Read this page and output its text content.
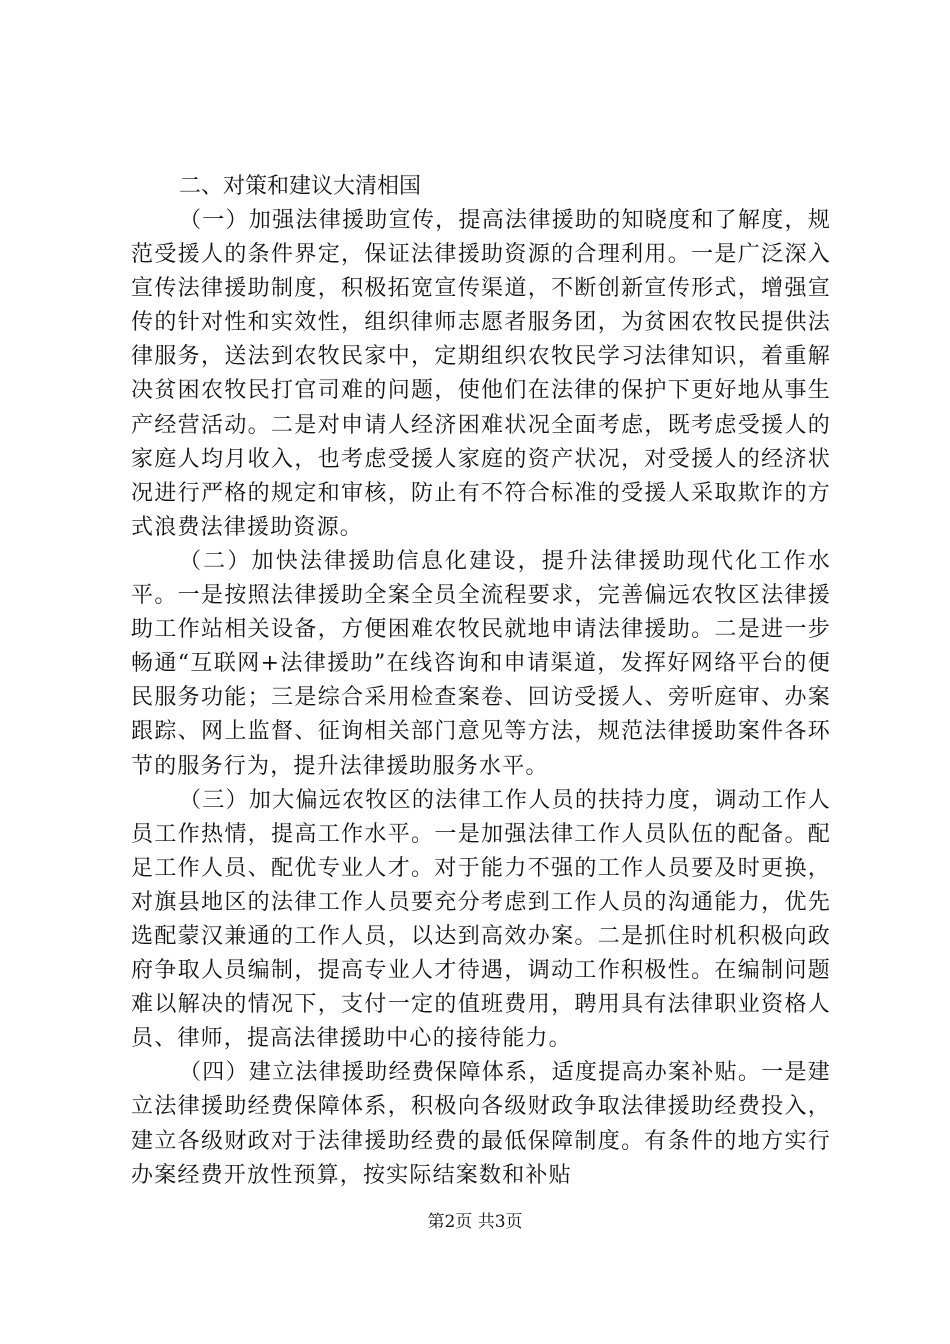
二、对策和建议大清相国

（一）加强法律援助宣传，提高法律援助的知晓度和了解度，规范受援人的条件界定，保证法律援助资源的合理利用。一是广泛深入宣传法律援助制度，积极拓宽宣传渠道，不断创新宣传形式，增强宣传的针对性和实效性，组织律师志愿者服务团，为贫困农牧民提供法律服务，送法到农牧民家中，定期组织农牧民学习法律知识，着重解决贫困农牧民打官司难的问题，使他们在法律的保护下更好地从事生产经营活动。二是对申请人经济困难状况全面考虑，既考虑受援人的家庭人均月收入，也考虑受援人家庭的资产状况，对受援人的经济状况进行严格的规定和审核，防止有不符合标准的受援人采取欺诈的方式浪费法律援助资源。

（二）加快法律援助信息化建设，提升法律援助现代化工作水平。一是按照法律援助全案全员全流程要求，完善偏远农牧区法律援助工作站相关设备，方便困难农牧民就地申请法律援助。二是进一步畅通“互联网+法律援助”在线咨询和申请渠道，发挥好网络平台的便民服务功能；三是综合采用检查案卷、回访受援人、旁听庭审、办案跟踪、网上监督、征询相关部门意见等方法，规范法律援助案件各环节的服务行为，提升法律援助服务水平。

（三）加大偏远农牧区的法律工作人员的扶持力度，调动工作人员工作热情，提高工作水平。一是加强法律工作人员队伍的配备。配足工作人员、配优专业人才。对于能力不强的工作人员要及时更换，对旗县地区的法律工作人员要充分考虑到工作人员的沟通能力，优先选配蒙汉兼通的工作人员，以达到高效办案。二是抓住时机积极向政府争取人员编制，提高专业人才待遇，调动工作积极性。在编制问题难以解决的情况下，支付一定的值班费用，聘用具有法律职业资格人员、律师，提高法律援助中心的接待能力。

（四）建立法律援助经费保障体系，适度提高办案补贴。一是建立法律援助经费保障体系，积极向各级财政争取法律援助经费投入，建立各级财政对于法律援助经费的最低保障制度。有条件的地方实行办案经费开放性预算，按实际结案数和补贴

第2页 共3页
